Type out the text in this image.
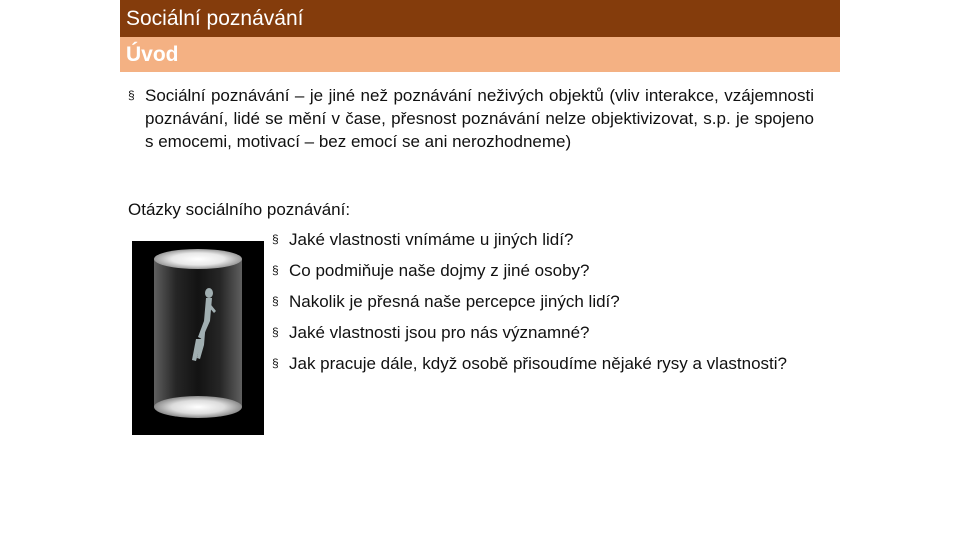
Sociální poznávání
Úvod
§ Sociální poznávání – je jiné než poznávání neživých objektů (vliv interakce, vzájemnosti poznávání, lidé se mění v čase, přesnost poznávání nelze objektivizovat, s.p. je spojeno s emocemi, motivací – bez emocí se ani nerozhodneme)
Otázky sociálního poznávání:
§ Jaké vlastnosti vnímáme u jiných lidí?
§ Co podmiňuje naše dojmy z jiné osoby?
§ Nakolik je přesná naše percepce jiných lidí?
§ Jaké vlastnosti jsou pro nás významné?
§ Jak pracuje dále, když osobě přisoudíme nějaké rysy a vlastnosti?
